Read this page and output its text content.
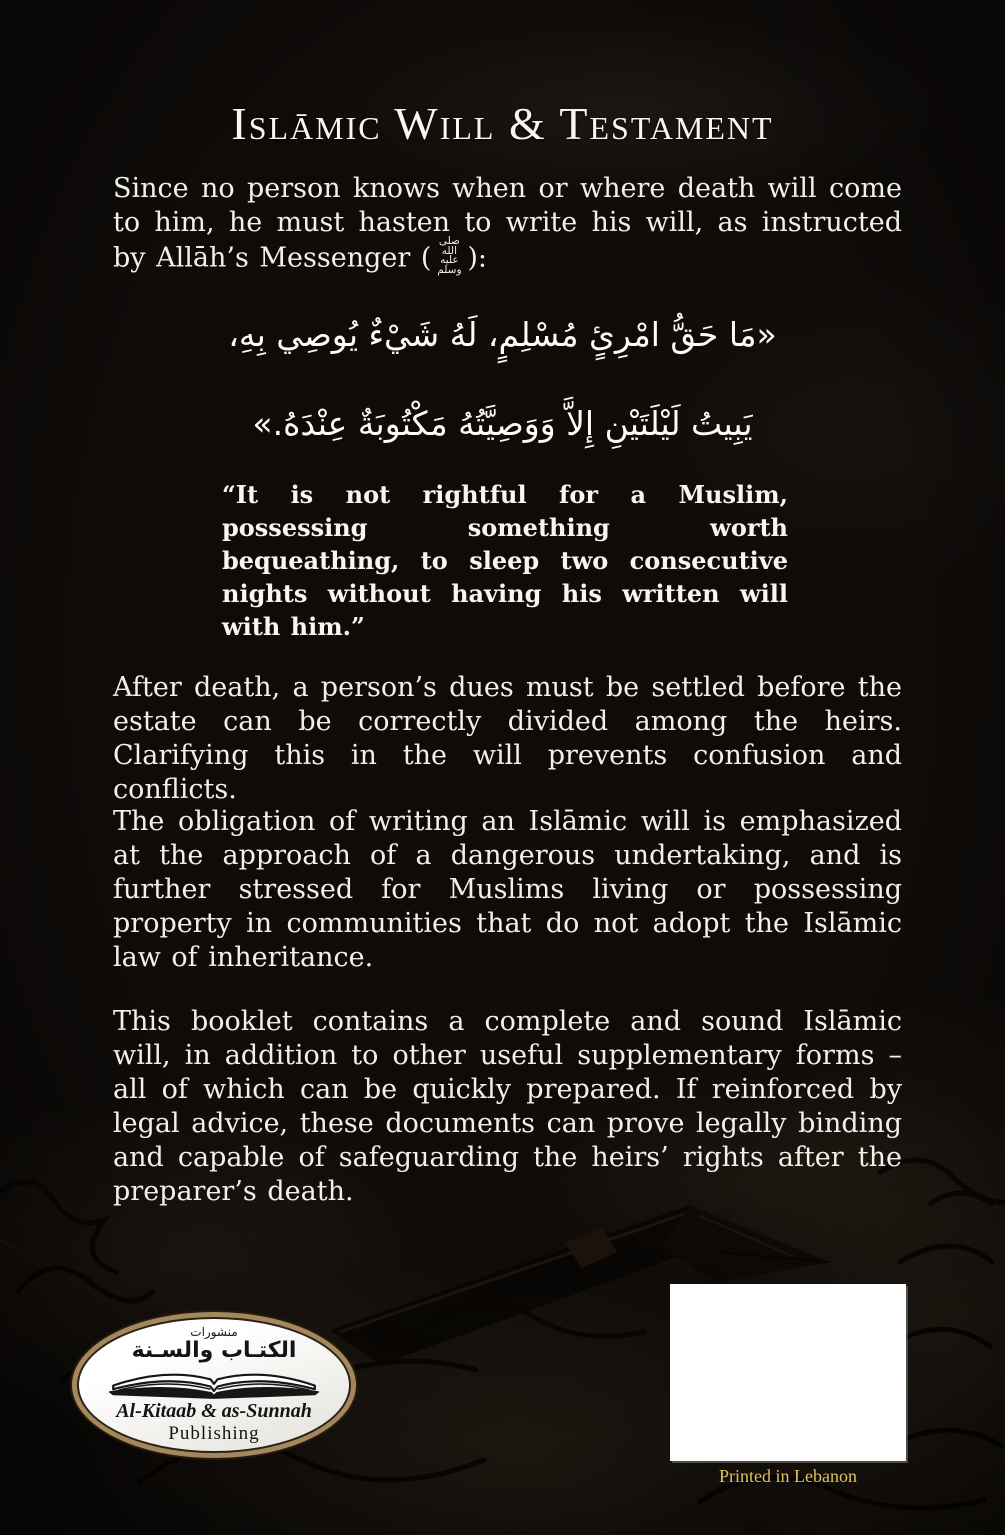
Islāmic Will & Testament

Since no person knows when or where death will come to him, he must hasten to write his will, as instructed by Allāh’s Messenger (صلى الله عليه وسلم ):

«مَا حَقُّ امْرِئٍ مُسْلِمٍ، لَهُ شَيْءٌ يُوصِي بِهِ،
يَبِيتُ لَيْلَتَيْنِ إِلاَّ وَوَصِيَّتُهُ مَكْتُوبَةٌ عِنْدَهُ.»

“It is not rightful for a Muslim, possessing something worth bequeathing, to sleep two consecutive nights without having his written will with him.”

After death, a person’s dues must be settled before the estate can be correctly divided among the heirs. Clarifying this in the will prevents confusion and conflicts.

The obligation of writing an Islāmic will is emphasized at the approach of a dangerous undertaking, and is further stressed for Muslims living or possessing property in communities that do not adopt the Islāmic law of inheritance.

This booklet contains a complete and sound Islāmic will, in addition to other useful supplementary forms – all of which can be quickly prepared. If reinforced by legal advice, these documents can prove legally binding and capable of safeguarding the heirs’ rights after the preparer’s death.

منشورات
الكتـاب والسـنة
Al-Kitaab & as-Sunnah
Publishing
Printed in Lebanon
